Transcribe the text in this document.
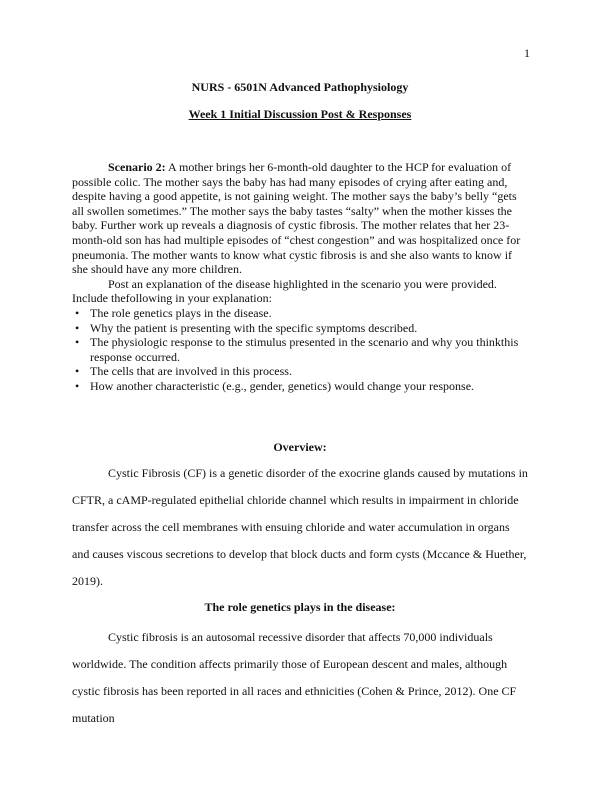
1
NURS - 6501N Advanced Pathophysiology
Week 1 Initial Discussion Post & Responses

Scenario 2: A mother brings her 6-month-old daughter to the HCP for evaluation of possible colic. The mother says the baby has had many episodes of crying after eating and, despite having a good appetite, is not gaining weight. The mother says the baby’s belly “gets all swollen sometimes.” The mother says the baby tastes “salty” when the mother kisses the baby. Further work up reveals a diagnosis of cystic fibrosis. The mother relates that her 23-month-old son has had multiple episodes of “chest congestion” and was hospitalized once for pneumonia. The mother wants to know what cystic fibrosis is and she also wants to know if she should have any more children.

Post an explanation of the disease highlighted in the scenario you were provided. Include thefollowing in your explanation:

• The role genetics plays in the disease.
• Why the patient is presenting with the specific symptoms described.
• The physiologic response to the stimulus presented in the scenario and why you thinkthis response occurred.
• The cells that are involved in this process.
• How another characteristic (e.g., gender, genetics) would change your response.
Overview:

Cystic Fibrosis (CF) is a genetic disorder of the exocrine glands caused by mutations in CFTR, a cAMP-regulated epithelial chloride channel which results in impairment in chloride transfer across the cell membranes with ensuing chloride and water accumulation in organs and causes viscous secretions to develop that block ducts and form cysts (Mccance & Huether, 2019).

The role genetics plays in the disease:

Cystic fibrosis is an autosomal recessive disorder that affects 70,000 individuals worldwide. The condition affects primarily those of European descent and males, although cystic fibrosis has been reported in all races and ethnicities (Cohen & Prince, 2012). One CF mutation
